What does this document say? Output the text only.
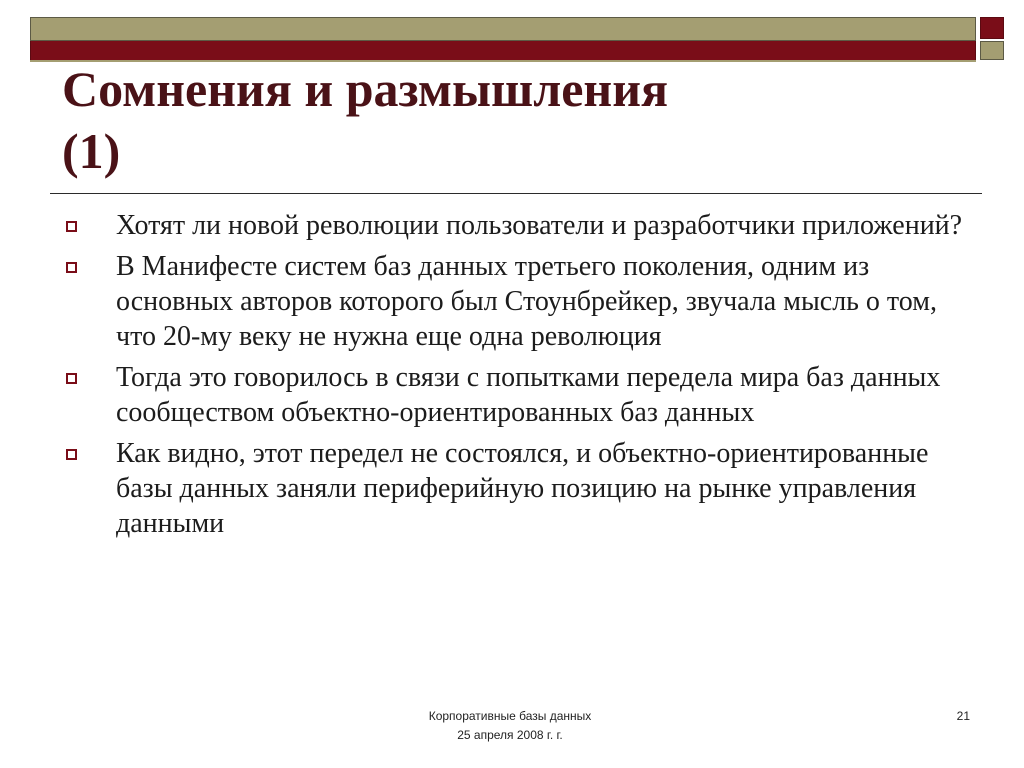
Сомнения и размышления
(1)
Хотят ли новой революции пользователи и разработчики приложений?
В Манифесте систем баз данных третьего поколения, одним из основных авторов которого был Стоунбрейкер, звучала мысль о том, что 20-му веку не нужна еще одна революция
Тогда это говорилось в связи с попытками передела мира баз данных сообществом объектно-ориентированных баз данных
Как видно, этот передел не состоялся, и объектно-ориентированные базы данных заняли периферийную позицию на рынке управления данными
Корпоративные базы данных
25 апреля 2008 г. г.
21
